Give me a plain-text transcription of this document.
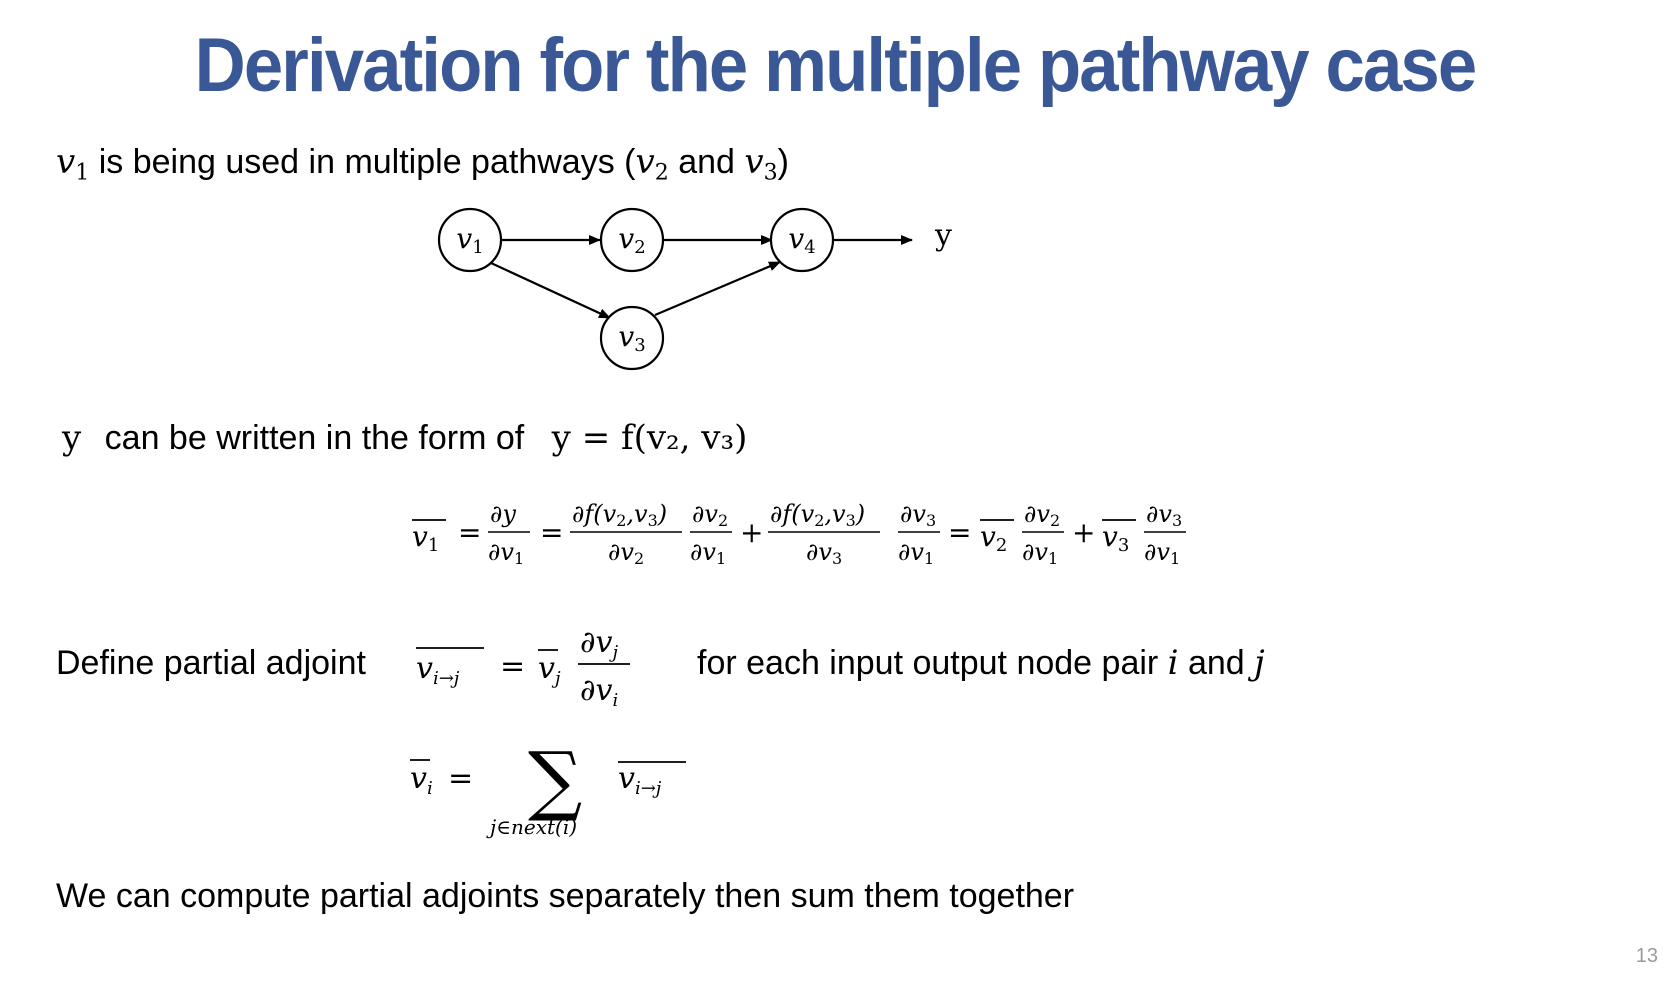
Derivation for the multiple pathway case
$v_1$ is being used in multiple pathways ($v_2$ and $v_3$)
v1	v2	v4
v3
y
y can be written in the form of y = f(v₂, v₃)
v1 =
∂y
∂v1
=
∂f(v2,v3)
∂v2
∂v2
∂v1
+
∂f(v2,v3)
∂v3
∂v3
∂v1
= v2
∂v2
∂v1
+ v3
∂v3
∂v1
Define partial adjoint $v_{i\to j} = v_j$
$\partial v_j$
$\partial v_i$
for each input output node pair i and j
$v_i$ = ∑
j∈next(i)
$v_{i\to j}$
We can compute partial adjoints separately then sum them together
13
